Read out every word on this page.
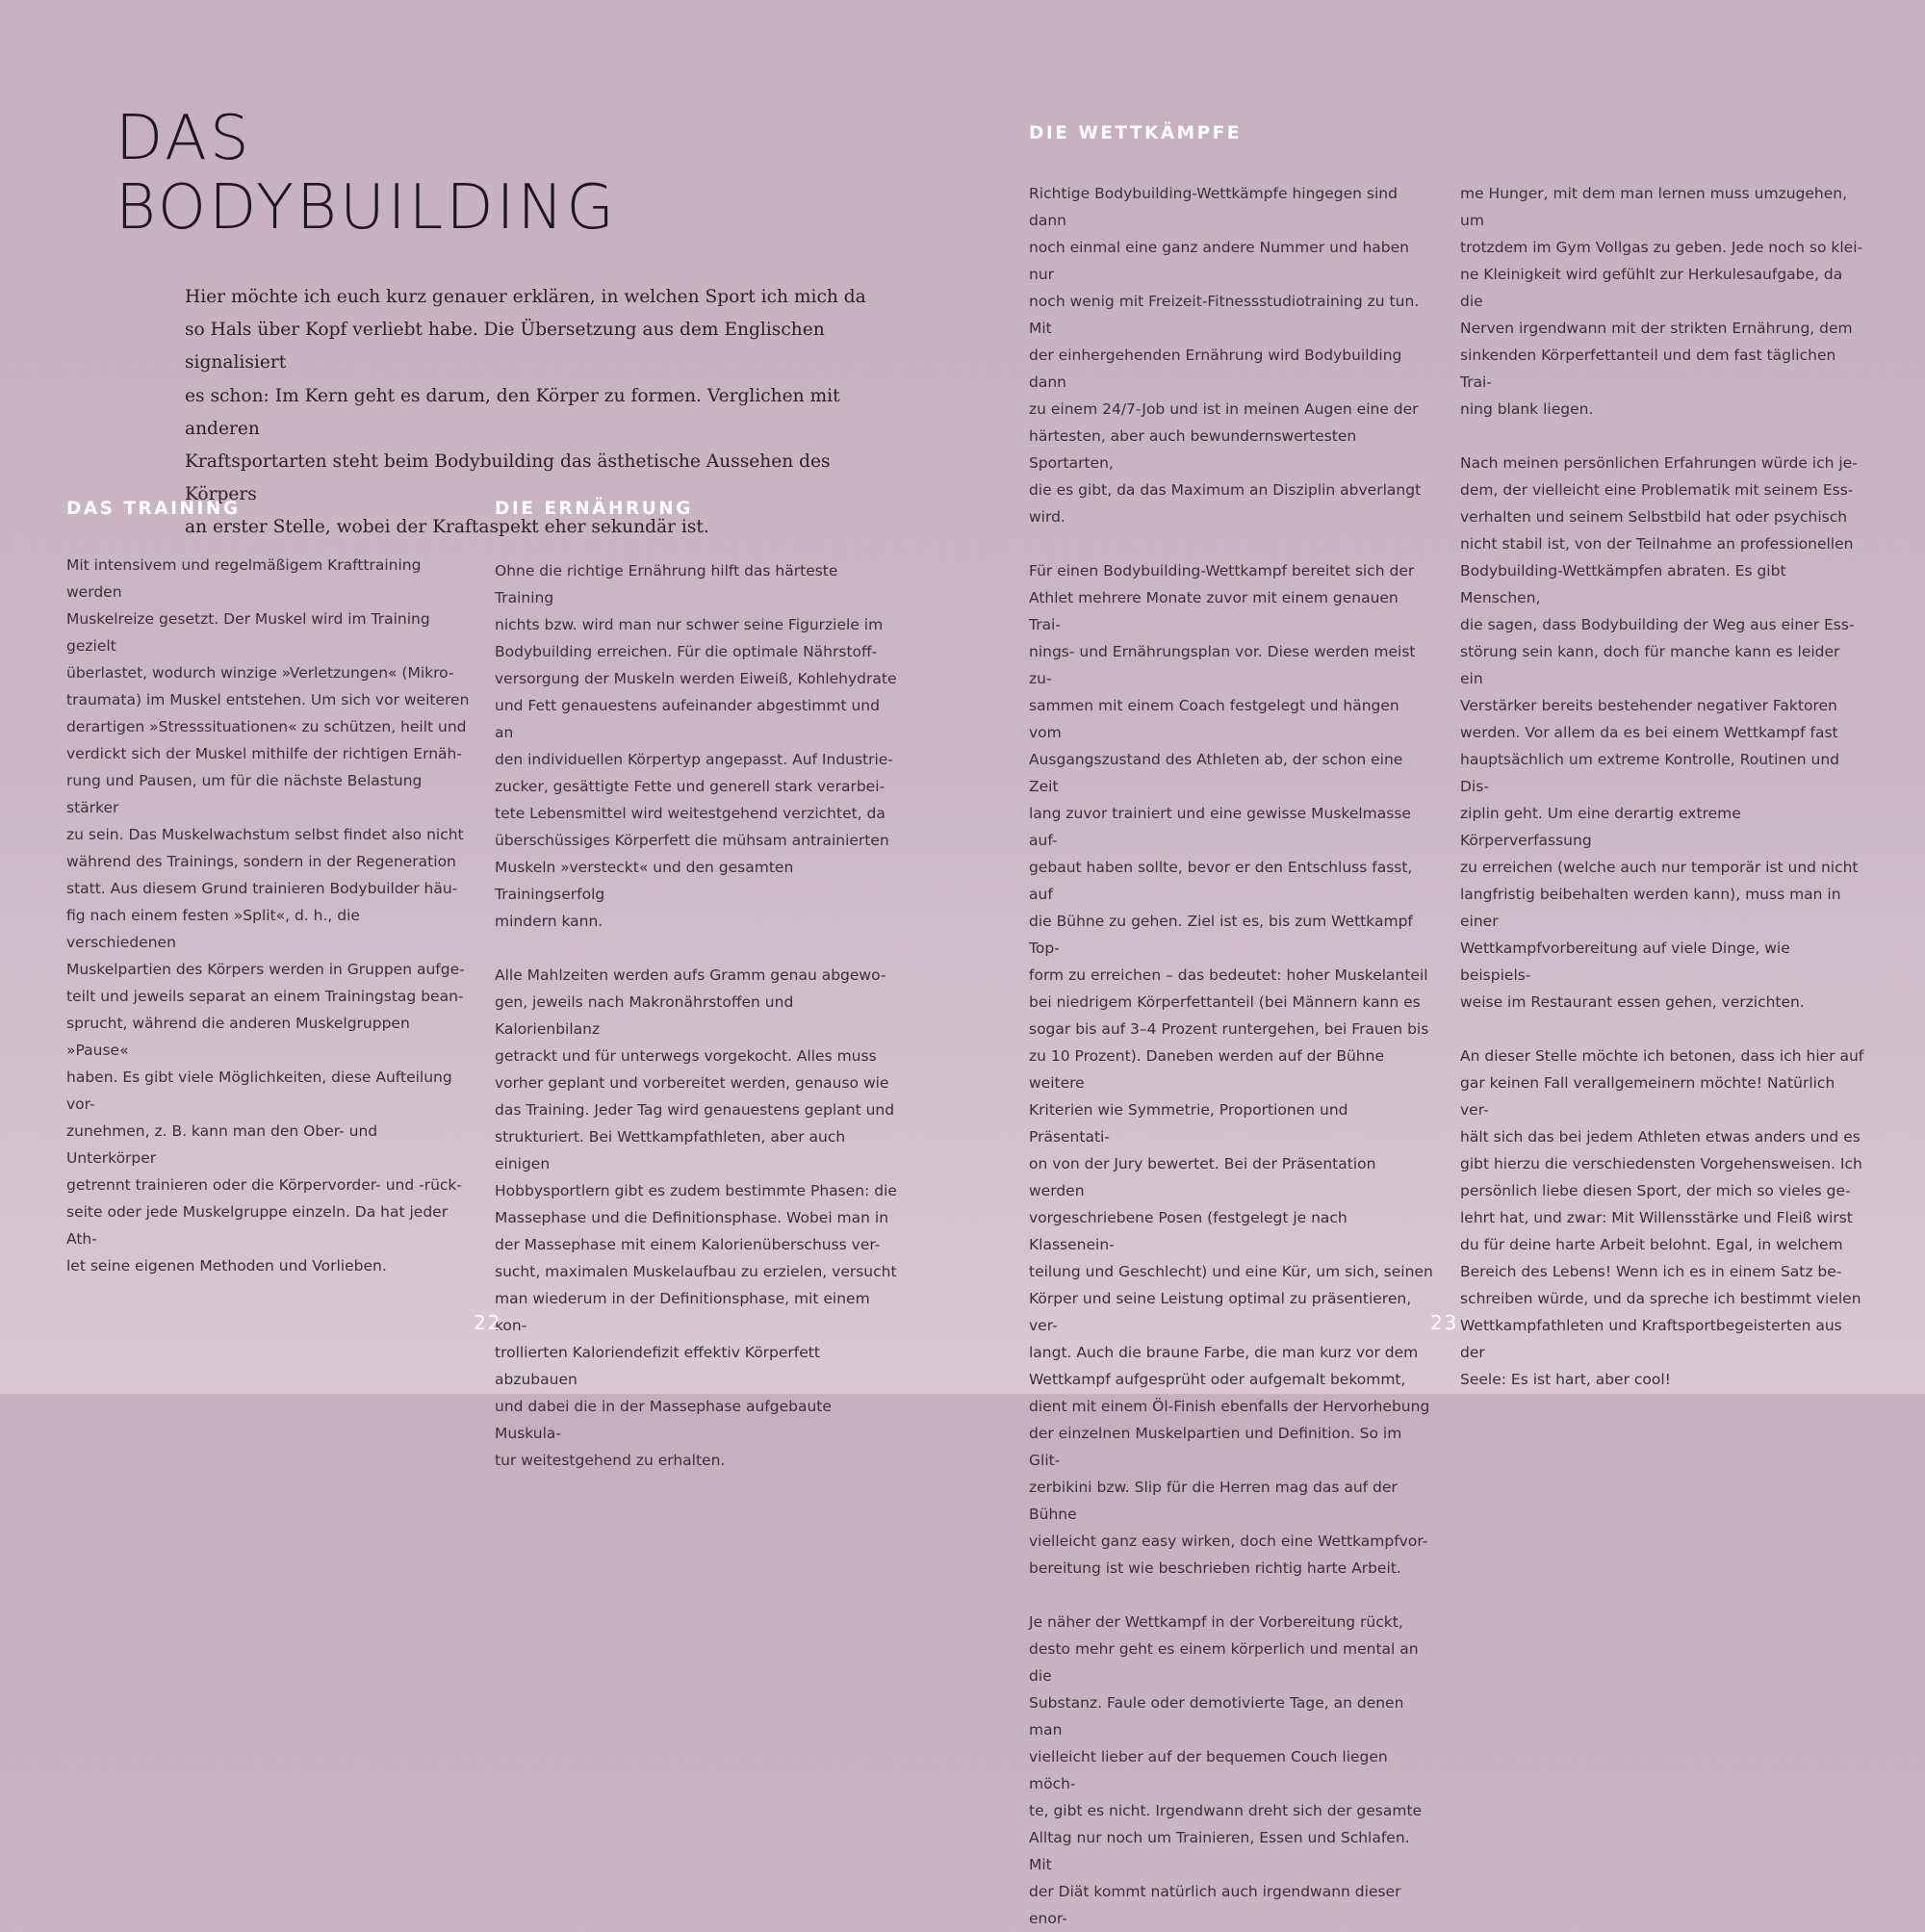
DAS
BODYBUILDING

Hier möchte ich euch kurz genauer erklären, in welchen Sport ich mich da
so Hals über Kopf verliebt habe. Die Übersetzung aus dem Englischen signalisiert
es schon: Im Kern geht es darum, den Körper zu formen. Verglichen mit anderen
Kraftsportarten steht beim Bodybuilding das ästhetische Aussehen des Körpers
an erster Stelle, wobei der Kraftaspekt eher sekundär ist.

DAS TRAINING

Mit intensivem und regelmäßigem Krafttraining werden
Muskelreize gesetzt. Der Muskel wird im Training gezielt
überlastet, wodurch winzige »Verletzungen« (Mikro-
traumata) im Muskel entstehen. Um sich vor weiteren
derartigen »Stresssituationen« zu schützen, heilt und
verdickt sich der Muskel mithilfe der richtigen Ernäh-
rung und Pausen, um für die nächste Belastung stärker
zu sein. Das Muskelwachstum selbst findet also nicht
während des Trainings, sondern in der Regeneration
statt. Aus diesem Grund trainieren Bodybuilder häu-
fig nach einem festen »Split«, d. h., die verschiedenen
Muskelpartien des Körpers werden in Gruppen aufge-
teilt und jeweils separat an einem Trainingstag bean-
sprucht, während die anderen Muskelgruppen »Pause«
haben. Es gibt viele Möglichkeiten, diese Aufteilung vor-
zunehmen, z. B. kann man den Ober- und Unterkörper
getrennt trainieren oder die Körpervorder- und -rück-
seite oder jede Muskelgruppe einzeln. Da hat jeder Ath-
let seine eigenen Methoden und Vorlieben.

DIE ERNÄHRUNG

Ohne die richtige Ernährung hilft das härteste Training
nichts bzw. wird man nur schwer seine Figurziele im
Bodybuilding erreichen. Für die optimale Nährstoff-
versorgung der Muskeln werden Eiweiß, Kohlehydrate
und Fett genauestens aufeinander abgestimmt und an
den individuellen Körpertyp angepasst. Auf Industrie-
zucker, gesättigte Fette und generell stark verarbei-
tete Lebensmittel wird weitestgehend verzichtet, da
überschüssiges Körperfett die mühsam antrainierten
Muskeln »versteckt« und den gesamten Trainingserfolg
mindern kann.

Alle Mahlzeiten werden aufs Gramm genau abgewo-
gen, jeweils nach Makronährstoffen und Kalorienbilanz
getrackt und für unterwegs vorgekocht. Alles muss
vorher geplant und vorbereitet werden, genauso wie
das Training. Jeder Tag wird genauestens geplant und
strukturiert. Bei Wettkampfathleten, aber auch einigen
Hobbysportlern gibt es zudem bestimmte Phasen: die
Massephase und die Definitionsphase. Wobei man in
der Massephase mit einem Kalorienüberschuss ver-
sucht, maximalen Muskelaufbau zu erzielen, versucht
man wiederum in der Definitionsphase, mit einem kon-
trollierten Kaloriendefizit effektiv Körperfett abzubauen
und dabei die in der Massephase aufgebaute Muskula-
tur weitestgehend zu erhalten.

22
DIE WETTKÄMPFE

Richtige Bodybuilding-Wettkämpfe hingegen sind dann
noch einmal eine ganz andere Nummer und haben nur
noch wenig mit Freizeit-Fitnessstudiotraining zu tun. Mit
der einhergehenden Ernährung wird Bodybuilding dann
zu einem 24/7-Job und ist in meinen Augen eine der
härtesten, aber auch bewundernswertesten Sportarten,
die es gibt, da das Maximum an Disziplin abverlangt wird.

Für einen Bodybuilding-Wettkampf bereitet sich der
Athlet mehrere Monate zuvor mit einem genauen Trai-
nings- und Ernährungsplan vor. Diese werden meist zu-
sammen mit einem Coach festgelegt und hängen vom
Ausgangszustand des Athleten ab, der schon eine Zeit
lang zuvor trainiert und eine gewisse Muskelmasse auf-
gebaut haben sollte, bevor er den Entschluss fasst, auf
die Bühne zu gehen. Ziel ist es, bis zum Wettkampf Top-
form zu erreichen – das bedeutet: hoher Muskelanteil
bei niedrigem Körperfettanteil (bei Männern kann es
sogar bis auf 3–4 Prozent runtergehen, bei Frauen bis
zu 10 Prozent). Daneben werden auf der Bühne weitere
Kriterien wie Symmetrie, Proportionen und Präsentati-
on von der Jury bewertet. Bei der Präsentation werden
vorgeschriebene Posen (festgelegt je nach Klassenein-
teilung und Geschlecht) und eine Kür, um sich, seinen
Körper und seine Leistung optimal zu präsentieren, ver-
langt. Auch die braune Farbe, die man kurz vor dem
Wettkampf aufgesprüht oder aufgemalt bekommt,
dient mit einem Öl-Finish ebenfalls der Hervorhebung
der einzelnen Muskelpartien und Definition. So im Glit-
zerbikini bzw. Slip für die Herren mag das auf der Bühne
vielleicht ganz easy wirken, doch eine Wettkampfvor-
bereitung ist wie beschrieben richtig harte Arbeit.

Je näher der Wettkampf in der Vorbereitung rückt,
desto mehr geht es einem körperlich und mental an die
Substanz. Faule oder demotivierte Tage, an denen man
vielleicht lieber auf der bequemen Couch liegen möch-
te, gibt es nicht. Irgendwann dreht sich der gesamte
Alltag nur noch um Trainieren, Essen und Schlafen. Mit
der Diät kommt natürlich auch irgendwann dieser enor-

me Hunger, mit dem man lernen muss umzugehen, um
trotzdem im Gym Vollgas zu geben. Jede noch so klei-
ne Kleinigkeit wird gefühlt zur Herkulesaufgabe, da die
Nerven irgendwann mit der strikten Ernährung, dem
sinkenden Körperfettanteil und dem fast täglichen Trai-
ning blank liegen.

Nach meinen persönlichen Erfahrungen würde ich je-
dem, der vielleicht eine Problematik mit seinem Ess-
verhalten und seinem Selbstbild hat oder psychisch
nicht stabil ist, von der Teilnahme an professionellen
Bodybuilding-Wettkämpfen abraten. Es gibt Menschen,
die sagen, dass Bodybuilding der Weg aus einer Ess-
störung sein kann, doch für manche kann es leider ein
Verstärker bereits bestehender negativer Faktoren
werden. Vor allem da es bei einem Wettkampf fast
hauptsächlich um extreme Kontrolle, Routinen und Dis-
ziplin geht. Um eine derartig extreme Körperverfassung
zu erreichen (welche auch nur temporär ist und nicht
langfristig beibehalten werden kann), muss man in einer
Wettkampfvorbereitung auf viele Dinge, wie beispiels-
weise im Restaurant essen gehen, verzichten.

An dieser Stelle möchte ich betonen, dass ich hier auf
gar keinen Fall verallgemeinern möchte! Natürlich ver-
hält sich das bei jedem Athleten etwas anders und es
gibt hierzu die verschiedensten Vorgehensweisen. Ich
persönlich liebe diesen Sport, der mich so vieles ge-
lehrt hat, und zwar: Mit Willensstärke und Fleiß wirst
du für deine harte Arbeit belohnt. Egal, in welchem
Bereich des Lebens! Wenn ich es in einem Satz be-
schreiben würde, und da spreche ich bestimmt vielen
Wettkampfathleten und Kraftsportbegeisterten aus der
Seele: Es ist hart, aber cool!

23
